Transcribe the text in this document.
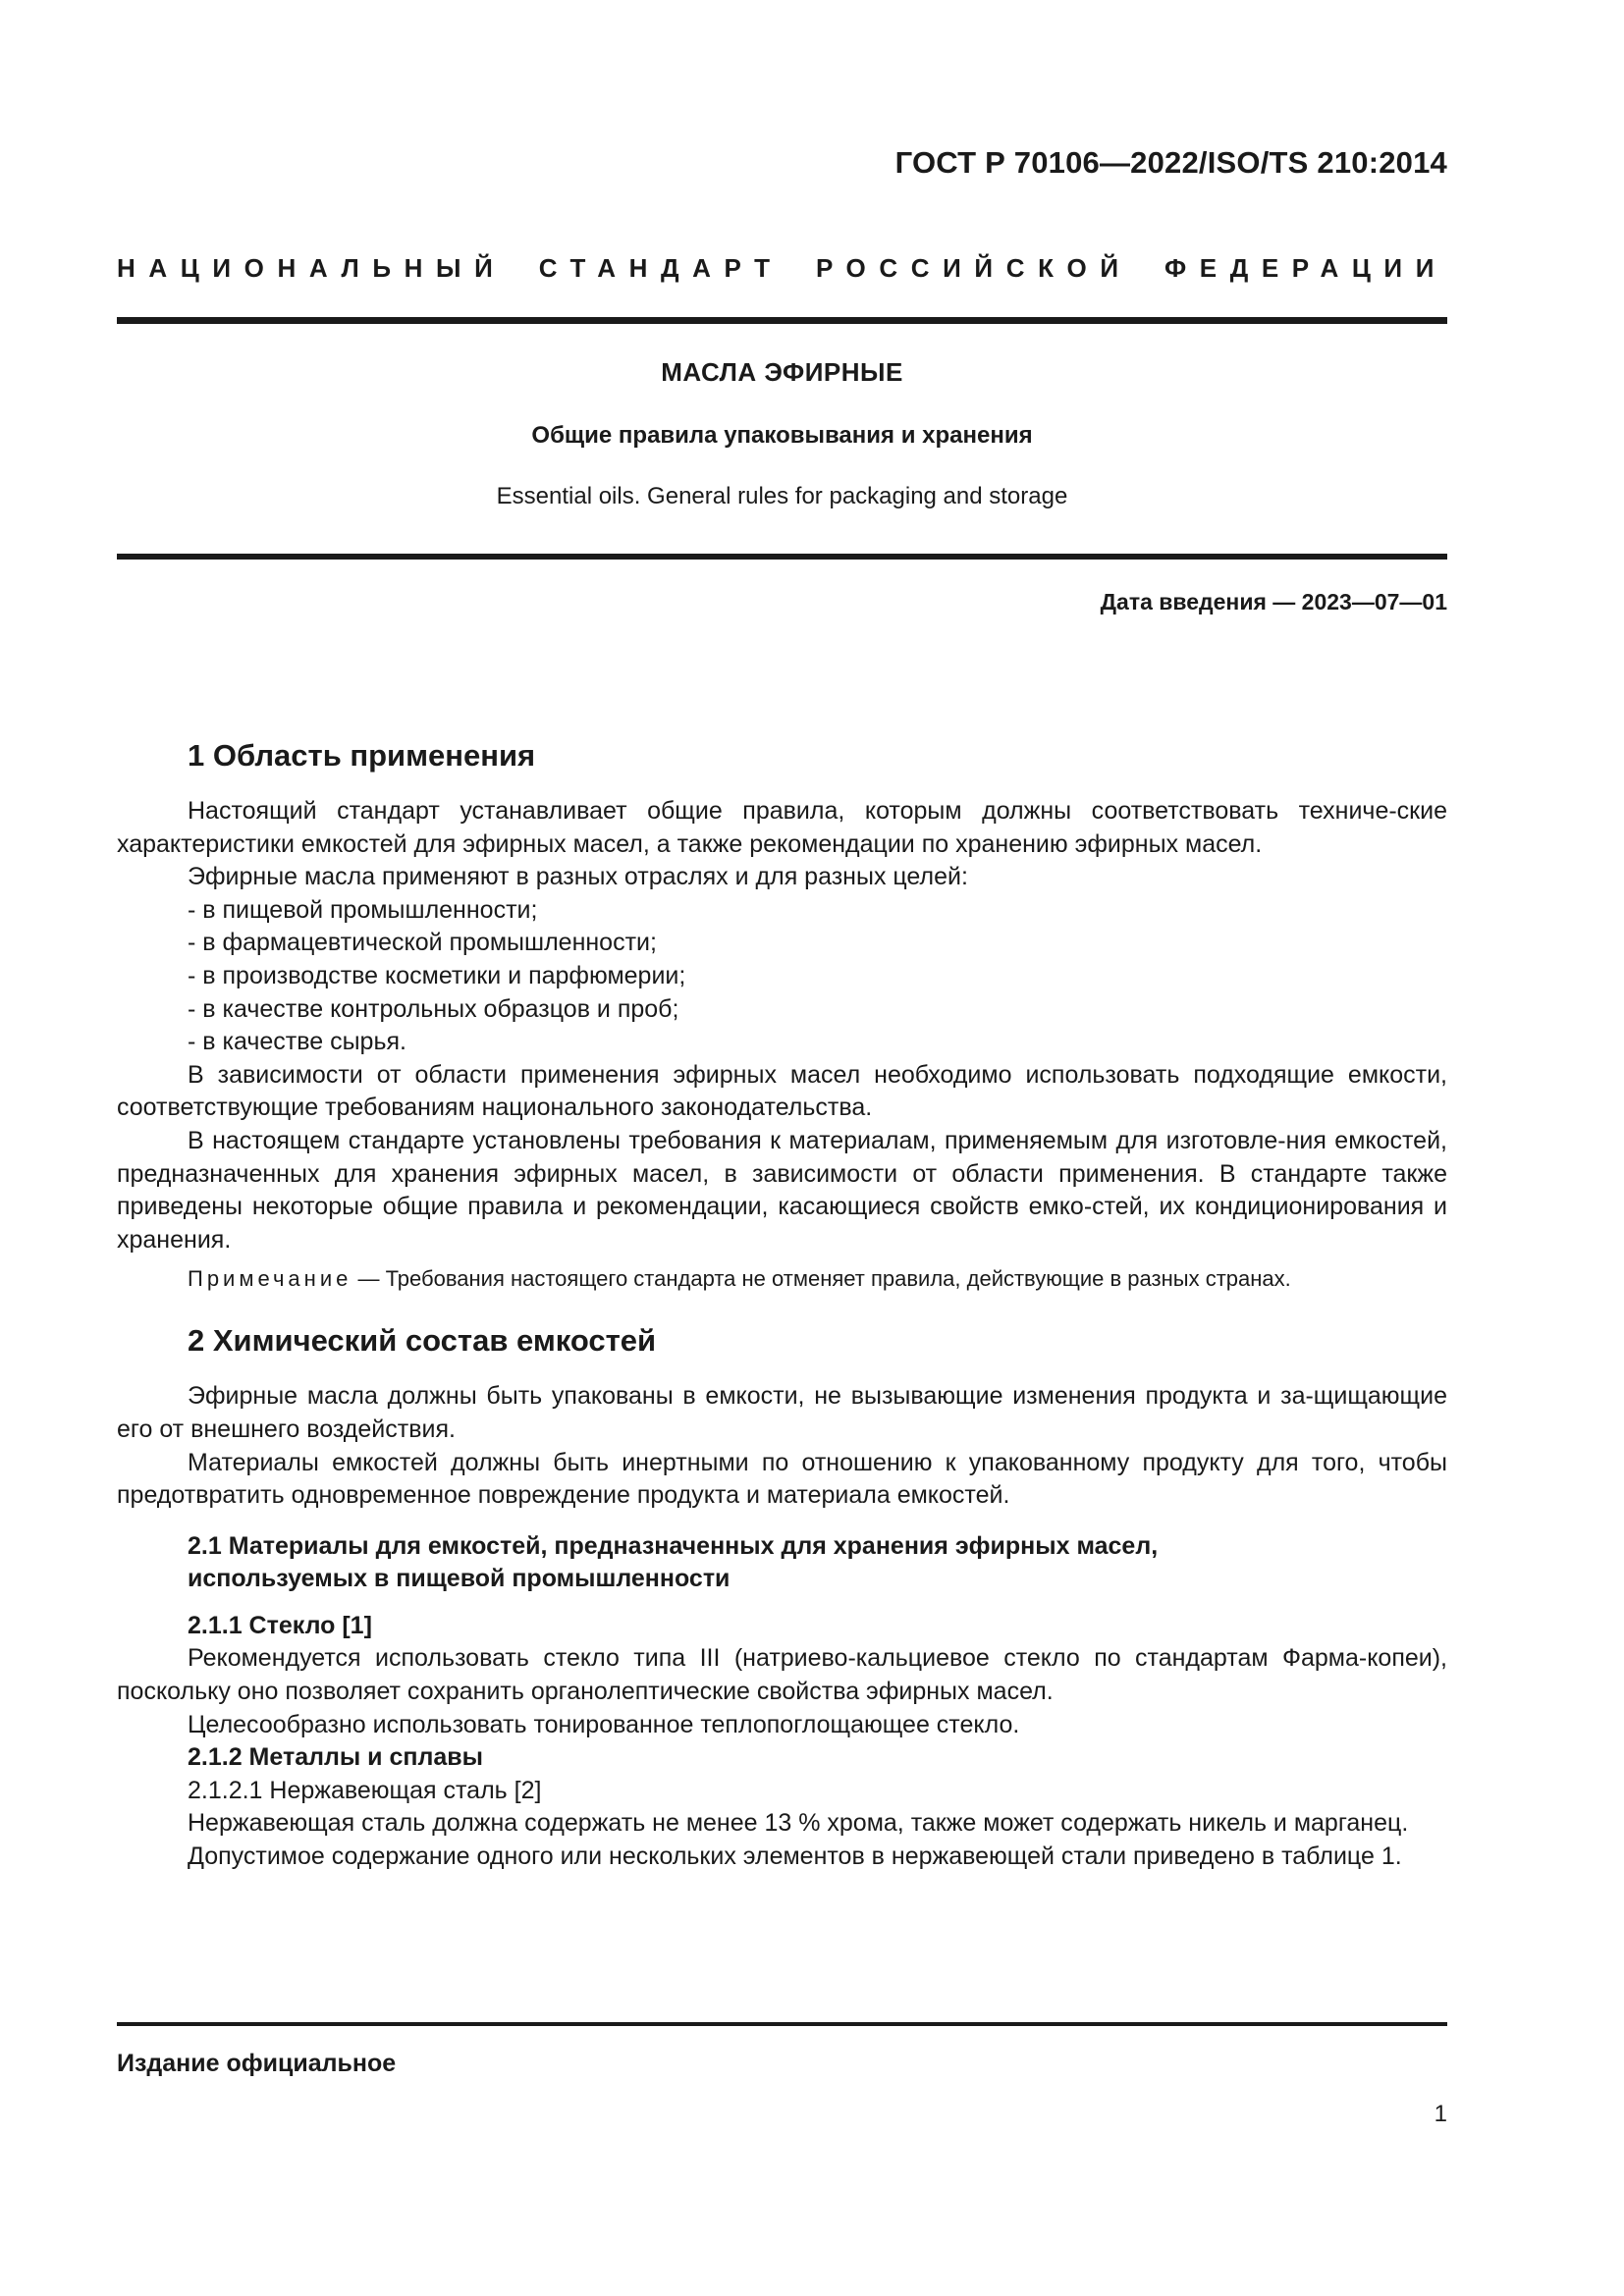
ГОСТ Р 70106—2022/ISO/TS 210:2014
НАЦИОНАЛЬНЫЙ СТАНДАРТ РОССИЙСКОЙ ФЕДЕРАЦИИ
МАСЛА ЭФИРНЫЕ
Общие правила упаковывания и хранения
Essential oils. General rules for packaging and storage
Дата введения — 2023—07—01
1 Область применения

Настоящий стандарт устанавливает общие правила, которым должны соответствовать техниче-ские характеристики емкостей для эфирных масел, а также рекомендации по хранению эфирных масел.

Эфирные масла применяют в разных отраслях и для разных целей:

- в пищевой промышленности;

- в фармацевтической промышленности;

- в производстве косметики и парфюмерии;

- в качестве контрольных образцов и проб;

- в качестве сырья.

В зависимости от области применения эфирных масел необходимо использовать подходящие емкости, соответствующие требованиям национального законодательства.

В настоящем стандарте установлены требования к материалам, применяемым для изготовле-ния емкостей, предназначенных для хранения эфирных масел, в зависимости от области применения. В стандарте также приведены некоторые общие правила и рекомендации, касающиеся свойств емко-стей, их кондиционирования и хранения.

Примечание — Требования настоящего стандарта не отменяет правила, действующие в разных странах.

2 Химический состав емкостей

Эфирные масла должны быть упакованы в емкости, не вызывающие изменения продукта и за-щищающие его от внешнего воздействия.

Материалы емкостей должны быть инертными по отношению к упакованному продукту для того, чтобы предотвратить одновременное повреждение продукта и материала емкостей.

2.1 Материалы для емкостей, предназначенных для хранения эфирных масел,
используемых в пищевой промышленности
2.1.1 Стекло [1]

Рекомендуется использовать стекло типа III (натриево-кальциевое стекло по стандартам Фарма-копеи), поскольку оно позволяет сохранить органолептические свойства эфирных масел.

Целесообразно использовать тонированное теплопоглощающее стекло.

2.1.2 Металлы и сплавы
2.1.2.1 Нержавеющая сталь [2]

Нержавеющая сталь должна содержать не менее 13 % хрома, также может содержать никель и марганец.

Допустимое содержание одного или нескольких элементов в нержавеющей стали приведено в таблице 1.

Издание официальное
1
